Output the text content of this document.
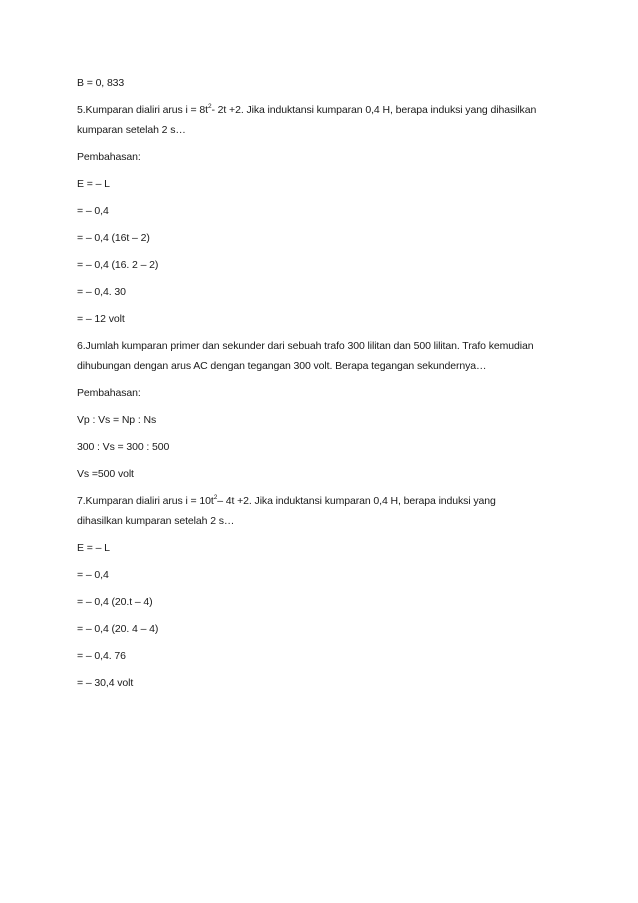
B = 0, 833
5.Kumparan dialiri arus $i = 8t^2-$ 2t +2. Jika induktansi kumparan 0,4 H, berapa induksi yang dihasilkan
kumparan setelah 2 s…
Pembahasan:
E = – L
= – 0,4
= – 0,4 (16t – 2)
= – 0,4 (16. 2 – 2)
= – 0,4. 30
= – 12 volt
6.Jumlah kumparan primer dan sekunder dari sebuah trafo 300 lilitan dan 500 lilitan. Trafo kemudian
dihubungan dengan arus AC dengan tegangan 300 volt. Berapa tegangan sekundernya…
Pembahasan:
Vp : Vs = Np : Ns
300 : Vs = 300 : 500
Vs =500 volt
7.Kumparan dialiri arus $i = 10t^2-$ 4t +2. Jika induktansi kumparan 0,4 H, berapa induksi yang
dihasilkan kumparan setelah 2 s…
E = – L
= – 0,4
= – 0,4 (20.t – 4)
= – 0,4 (20. 4 – 4)
= – 0,4. 76
= – 30,4 volt
